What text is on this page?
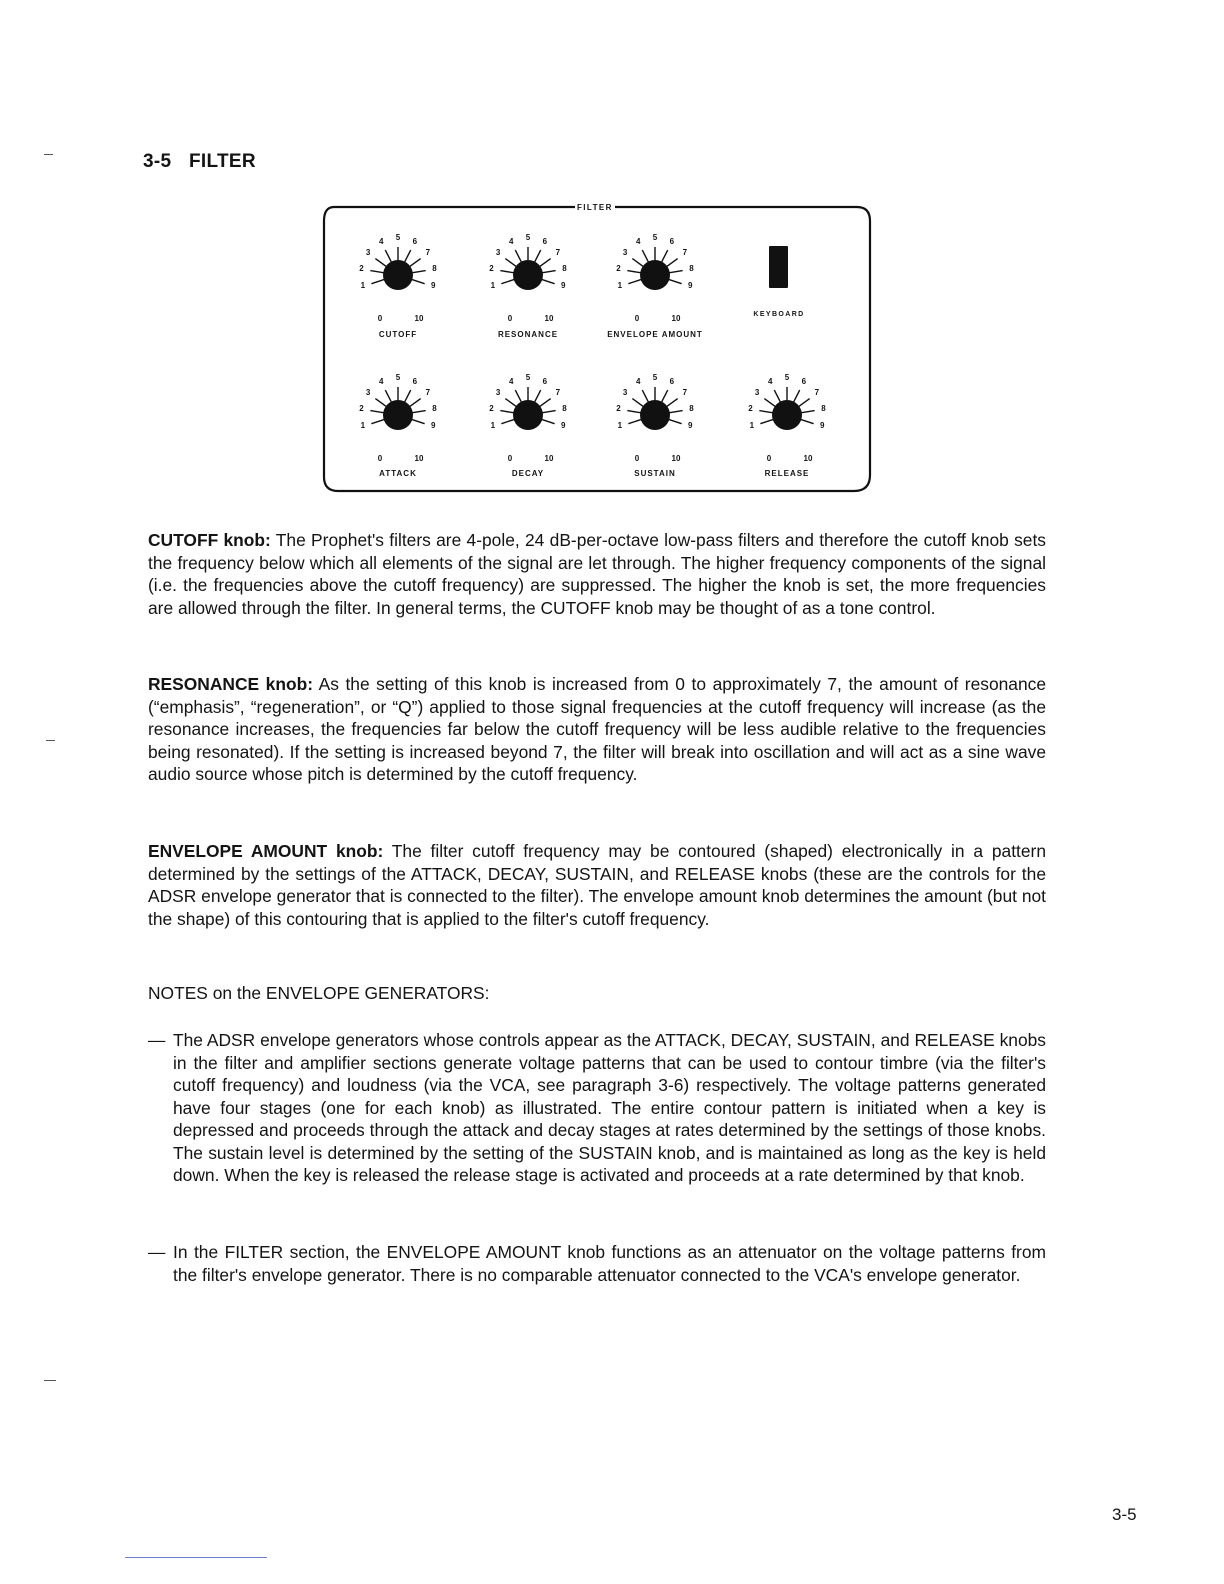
3-5 FILTER
0
1
2
3
4	5	6
7
8
9
10
CUTOFF
0
1
2
3
4	5	6
7
8
9
10
RESONANCE
0
1
2
3
4	5	6
7
8
9
10
ENVELOPE AMOUNT
0
1
2
3
4	5	6
7
8
9
10
ATTACK
0
1
2
3
4	5	6
7
8
9
10
DECAY
0
1
2
3
4	5	6
7
8
9
10
SUSTAIN
0
1
2
3
4	5	6
7
8
9
10
RELEASE
KEYBOARD
FILTER
CUTOFF knob: The Prophet's filters are 4-pole, 24 dB-per-octave low-pass filters and therefore the cutoff knob sets the frequency below which all elements of the signal are let through. The higher frequency components of the signal (i.e. the frequencies above the cutoff frequency) are suppressed. The higher the knob is set, the more frequencies are allowed through the filter. In general terms, the CUTOFF knob may be thought of as a tone control.
RESONANCE knob: As the setting of this knob is increased from 0 to approximately 7, the amount of resonance (“emphasis”, “regeneration”, or “Q”) applied to those signal frequencies at the cutoff frequency will increase (as the resonance increases, the frequencies far below the cutoff frequency will be less audible relative to the frequencies being resonated). If the setting is increased beyond 7, the filter will break into oscillation and will act as a sine wave audio source whose pitch is determined by the cutoff frequency.
ENVELOPE AMOUNT knob: The filter cutoff frequency may be contoured (shaped) electronically in a pattern determined by the settings of the ATTACK, DECAY, SUSTAIN, and RELEASE knobs (these are the controls for the ADSR envelope generator that is connected to the filter). The envelope amount knob determines the amount (but not the shape) of this contouring that is applied to the filter's cutoff frequency.
NOTES on the ENVELOPE GENERATORS:
— The ADSR envelope generators whose controls appear as the ATTACK, DECAY, SUSTAIN, and RELEASE knobs in the filter and amplifier sections generate voltage patterns that can be used to contour timbre (via the filter's cutoff frequency) and loudness (via the VCA, see paragraph 3-6) respectively. The voltage patterns generated have four stages (one for each knob) as illustrated. The entire contour pattern is initiated when a key is depressed and proceeds through the attack and decay stages at rates determined by the settings of those knobs. The sustain level is determined by the setting of the SUSTAIN knob, and is maintained as long as the key is held down. When the key is released the release stage is activated and proceeds at a rate determined by that knob.
— In the FILTER section, the ENVELOPE AMOUNT knob functions as an attenuator on the voltage patterns from the filter's envelope generator. There is no comparable attenuator connected to the VCA's envelope generator.
3-5
